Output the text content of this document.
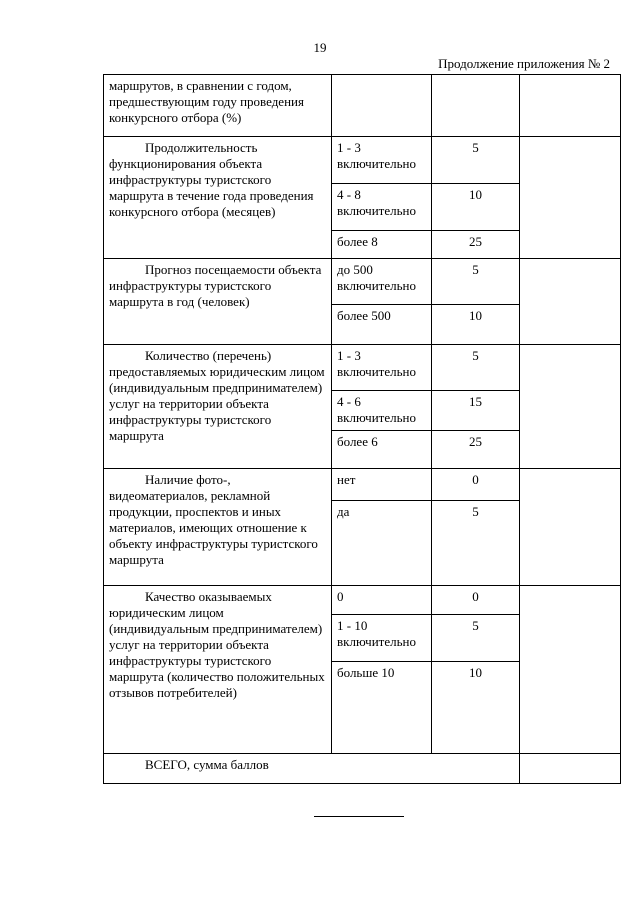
19
Продолжение приложения № 2
маршрутов, в сравнении с годом, предшествующим году проведения конкурсного отбора (%)			
Продолжительность функционирования объекта инфраструктуры туристского маршрута в течение года проведения конкурсного отбора (месяцев)	1 - 3 включительно	5	
	4 - 8 включительно	10	
	более 8	25	
Прогноз посещаемости объекта инфраструктуры туристского маршрута в год (человек)	до 500 включительно	5	
	более 500	10	
Количество (перечень) предоставляемых юридическим лицом (индивидуальным предпринимателем) услуг на территории объекта инфраструктуры туристского маршрута	1 - 3 включительно	5	
	4 - 6 включительно	15	
	более 6	25	
Наличие фото-, видеоматериалов, рекламной продукции, проспектов и иных материалов, имеющих отношение к объекту инфраструктуры туристского маршрута	нет	0	
	да	5	
Качество оказываемых юридическим лицом (индивидуальным предпринимателем) услуг на территории объекта инфраструктуры туристского маршрута (количество положительных отзывов потребителей)	0	0	
	1 - 10 включительно	5	
	больше 10	10	
ВСЕГО, сумма баллов			
